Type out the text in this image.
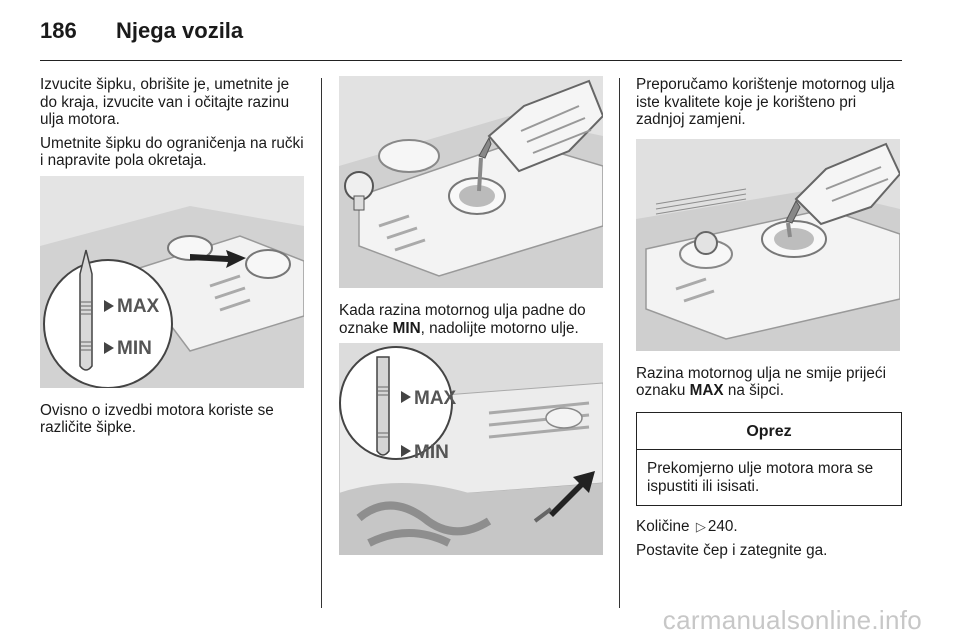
186	Njega vozila

Izvucite šipku, obrišite je, umetnite je do kraja, izvucite van i očitajte razinu ulja motora.

Umetnite šipku do ograničenja na ručki i napravite pola okretaja.

MAX
MIN

Ovisno o izvedbi motora koriste se različite šipke.

Kada razina motornog ulja padne do oznake MIN, nadolijte motorno ulje.

MAX
MIN

Preporučamo korištenje motornog ulja iste kvalitete koje je korišteno pri zadnjoj zamjeni.

Razina motornog ulja ne smije prijeći oznaku MAX na šipci.

Oprez
Prekomjerno ulje motora mora se ispustiti ili isisati.

Količine ▷ 240.

Postavite čep i zategnite ga.

carmanualsonline.info
